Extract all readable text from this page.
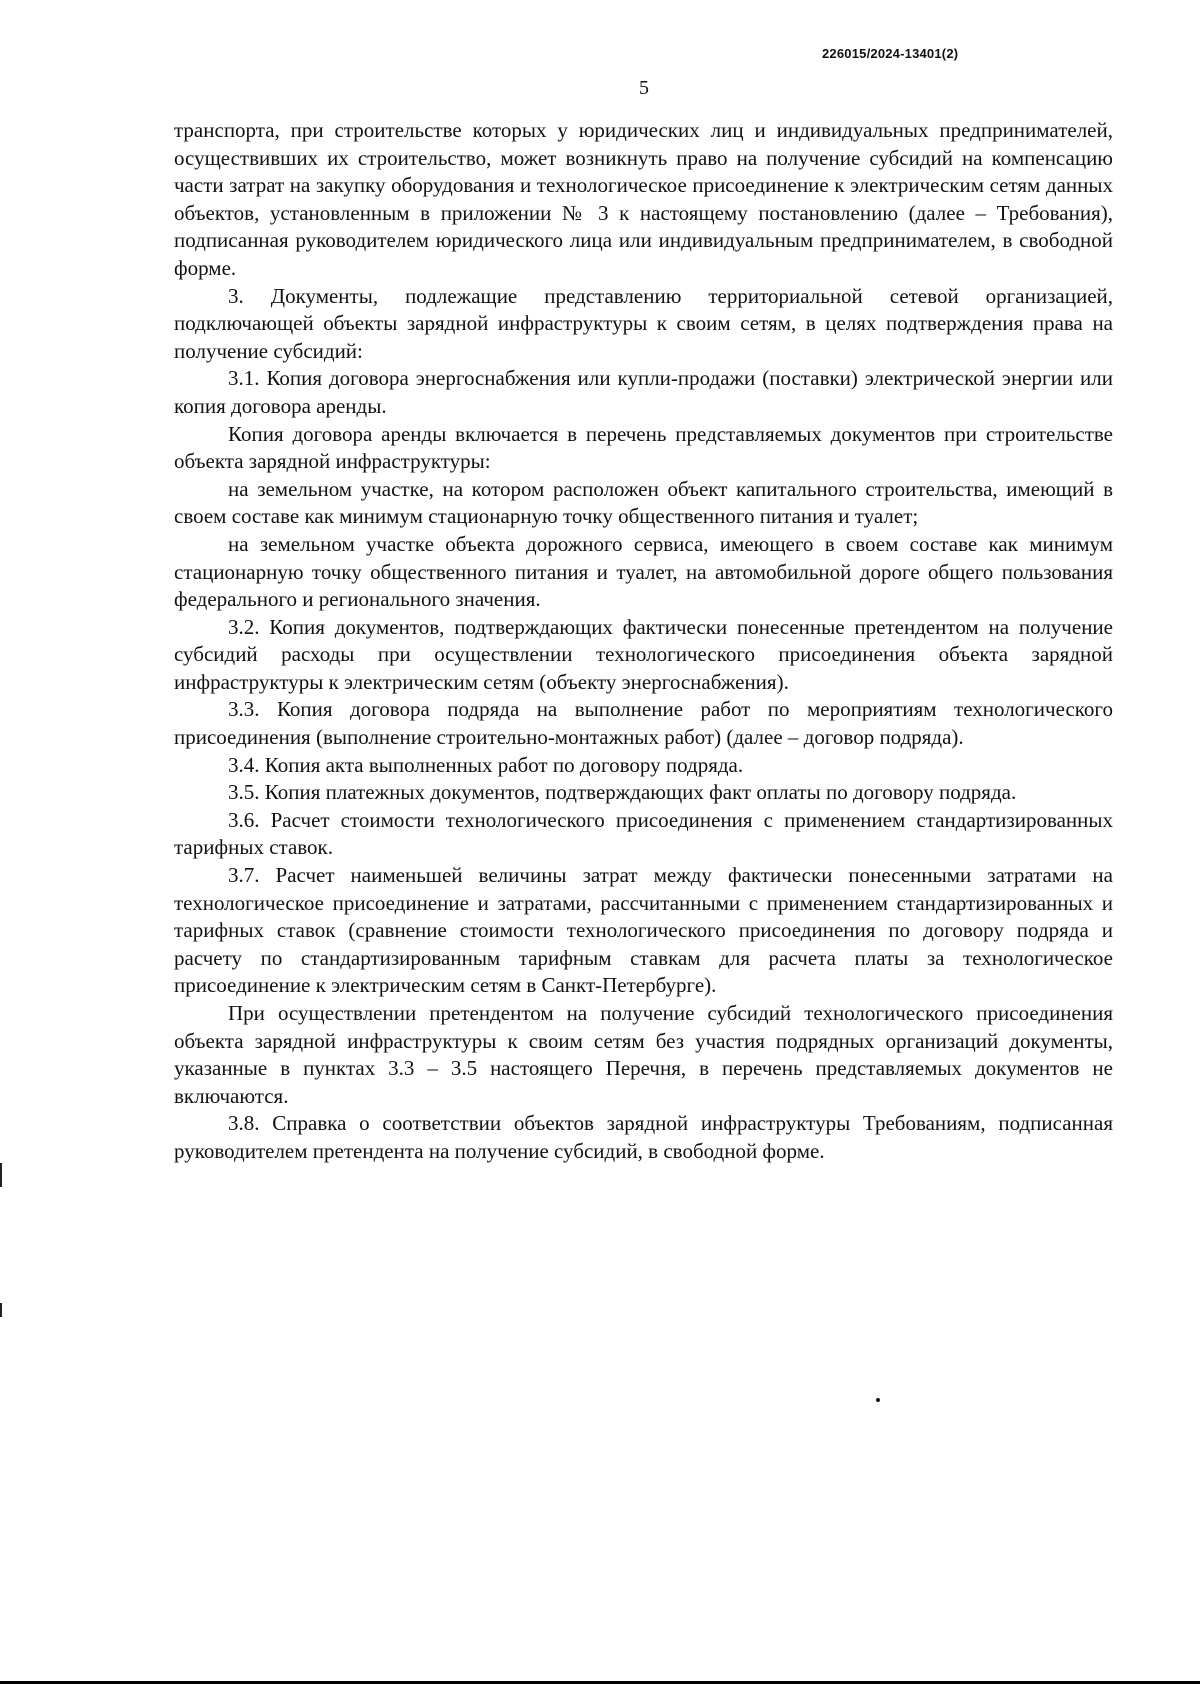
226015/2024-13401(2)
5

транспорта, при строительстве которых у юридических лиц и индивидуальных предпринимателей, осуществивших их строительство, может возникнуть право на получение субсидий на компенсацию части затрат на закупку оборудования и технологическое присоединение к электрическим сетям данных объектов, установленным в приложении № 3 к настоящему постановлению (далее – Требования), подписанная руководителем юридического лица или индивидуальным предпринимателем, в свободной форме.

3. Документы, подлежащие представлению территориальной сетевой организацией, подключающей объекты зарядной инфраструктуры к своим сетям, в целях подтверждения права на получение субсидий:

3.1. Копия договора энергоснабжения или купли-продажи (поставки) электрической энергии или копия договора аренды.

Копия договора аренды включается в перечень представляемых документов при строительстве объекта зарядной инфраструктуры:

на земельном участке, на котором расположен объект капитального строительства, имеющий в своем составе как минимум стационарную точку общественного питания и туалет;

на земельном участке объекта дорожного сервиса, имеющего в своем составе как минимум стационарную точку общественного питания и туалет, на автомобильной дороге общего пользования федерального и регионального значения.

3.2. Копия документов, подтверждающих фактически понесенные претендентом на получение субсидий расходы при осуществлении технологического присоединения объекта зарядной инфраструктуры к электрическим сетям (объекту энергоснабжения).

3.3. Копия договора подряда на выполнение работ по мероприятиям технологического присоединения (выполнение строительно-монтажных работ) (далее – договор подряда).

3.4. Копия акта выполненных работ по договору подряда.

3.5. Копия платежных документов, подтверждающих факт оплаты по договору подряда.

3.6. Расчет стоимости технологического присоединения с применением стандартизированных тарифных ставок.

3.7. Расчет наименьшей величины затрат между фактически понесенными затратами на технологическое присоединение и затратами, рассчитанными с применением стандартизированных и тарифных ставок (сравнение стоимости технологического присоединения по договору подряда и расчету по стандартизированным тарифным ставкам для расчета платы за технологическое присоединение к электрическим сетям в Санкт-Петербурге).

При осуществлении претендентом на получение субсидий технологического присоединения объекта зарядной инфраструктуры к своим сетям без участия подрядных организаций документы, указанные в пунктах 3.3 – 3.5 настоящего Перечня, в перечень представляемых документов не включаются.

3.8. Справка о соответствии объектов зарядной инфраструктуры Требованиям, подписанная руководителем претендента на получение субсидий, в свободной форме.
